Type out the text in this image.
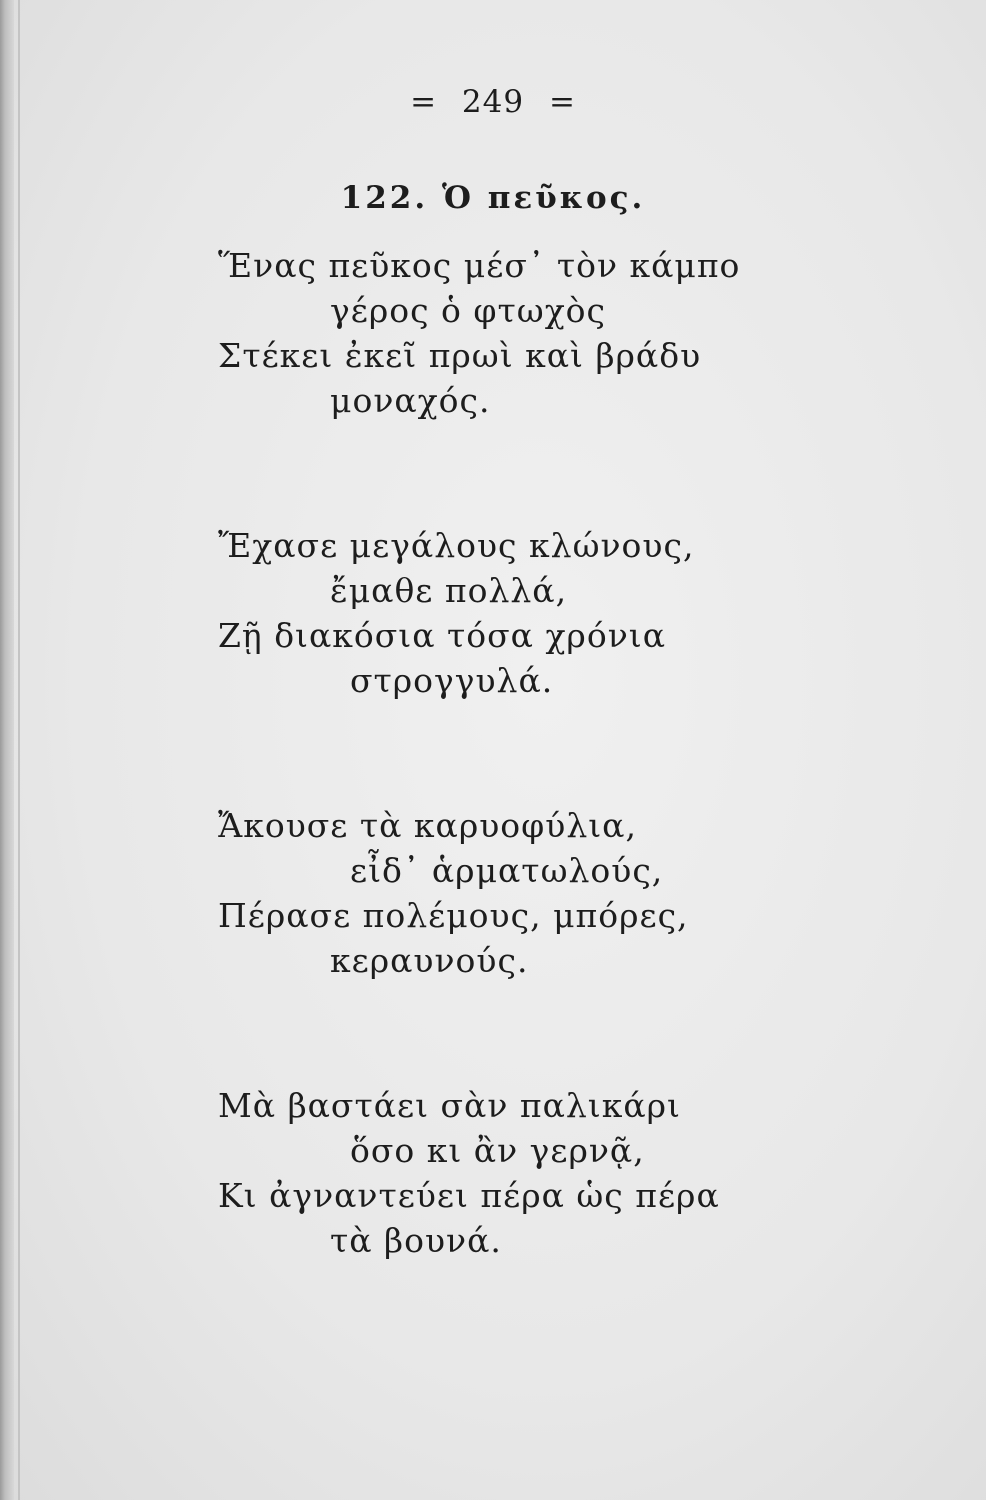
= 249 =
122. Ὁ πεῦκος.
Ἕνας πεῦκος μέσ᾽ τὸν κάμπο
γέρος ὁ φτωχὸς
Στέκει ἐκεῖ πρωὶ καὶ βράδυ
μοναχός.
Ἔχασε μεγάλους κλώνους,
ἔμαθε πολλά,
Ζῇ διακόσια τόσα χρόνια
στρογγυλά.
Ἄκουσε τὰ καρυοφύλια,
εἶδ᾽ ἁρματωλούς,
Πέρασε πολέμους, μπόρες,
κεραυνούς.
Μὰ βαστάει σὰν παλικάρι
ὅσο κι ἂν γερνᾷ,
Κι ἀγναντεύει πέρα ὡς πέρα
τὰ βουνά.
